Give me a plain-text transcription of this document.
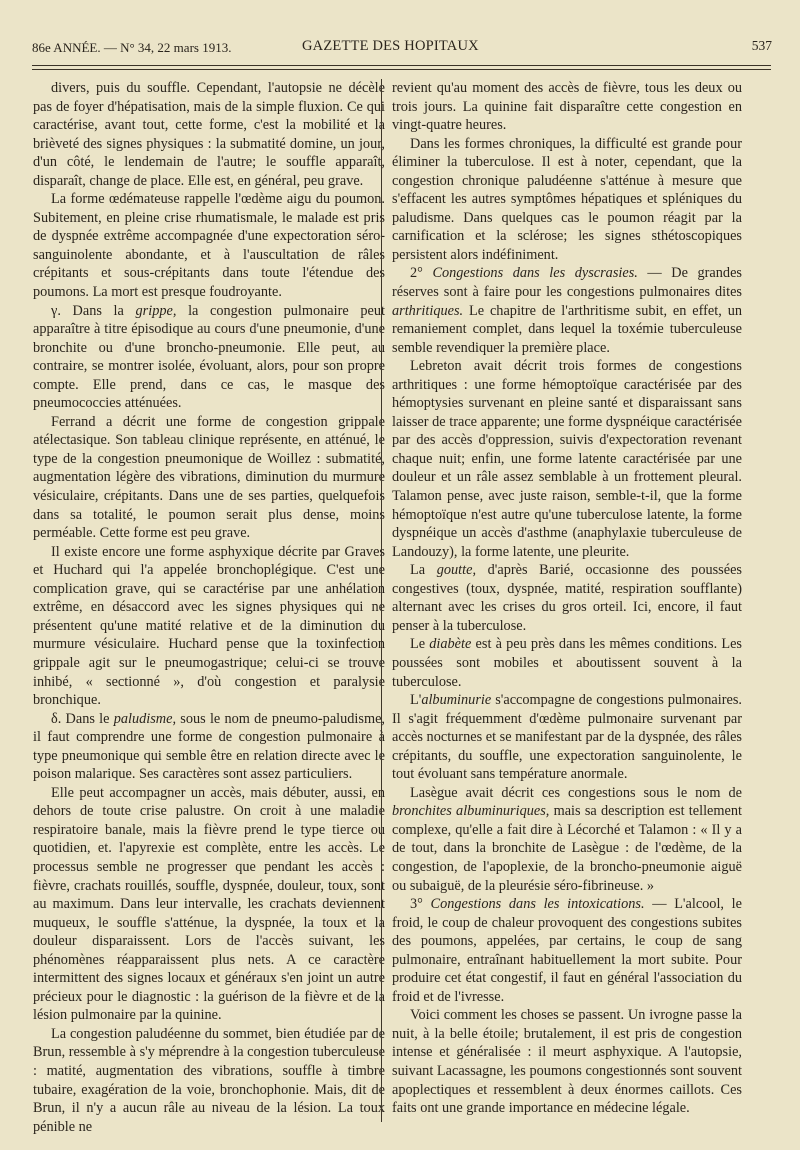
86e ANNÉE. — N° 34, 22 mars 1913.	GAZETTE DES HOPITAUX	537

divers, puis du souffle. Cependant, l'autopsie ne décèle pas de foyer d'hépatisation, mais de la simple fluxion. Ce qui caractérise, avant tout, cette forme, c'est la mobilité et la brièveté des signes physiques : la submatité domine, un jour, d'un côté, le lendemain de l'autre; le souffle apparaît, disparaît, change de place. Elle est, en général, peu grave.

La forme œdémateuse rappelle l'œdème aigu du poumon. Subitement, en pleine crise rhumatismale, le malade est pris de dyspnée extrême accompagnée d'une expectoration séro-sanguinolente abondante, et à l'auscultation de râles crépitants et sous-crépitants dans toute l'étendue des poumons. La mort est presque foudroyante.

γ. Dans la grippe, la congestion pulmonaire peut apparaître à titre épisodique au cours d'une pneumonie, d'une bronchite ou d'une broncho-pneumonie. Elle peut, au contraire, se montrer isolée, évoluant, alors, pour son propre compte. Elle prend, dans ce cas, le masque des pneumococcies atténuées.

Ferrand a décrit une forme de congestion grippale atélectasique. Son tableau clinique représente, en atténué, le type de la congestion pneumonique de Woillez : submatité, augmentation légère des vibrations, diminution du murmure vésiculaire, crépitants. Dans une de ses parties, quelquefois dans sa totalité, le poumon serait plus dense, moins perméable. Cette forme est peu grave.

Il existe encore une forme asphyxique décrite par Graves et Huchard qui l'a appelée bronchoplégique. C'est une complication grave, qui se caractérise par une anhélation extrême, en désaccord avec les signes physiques qui ne présentent qu'une matité relative et de la diminution du murmure vésiculaire. Huchard pense que la toxinfection grippale agit sur le pneumogastrique; celui-ci se trouve inhibé, « sectionné », d'où congestion et paralysie bronchique.

δ. Dans le paludisme, sous le nom de pneumo-paludisme, il faut comprendre une forme de congestion pulmonaire à type pneumonique qui semble être en relation directe avec le poison malarique. Ses caractères sont assez particuliers.

Elle peut accompagner un accès, mais débuter, aussi, en dehors de toute crise palustre. On croit à une maladie respiratoire banale, mais la fièvre prend le type tierce ou quotidien, et. l'apyrexie est complète, entre les accès. Le processus semble ne progresser que pendant les accès : fièvre, crachats rouillés, souffle, dyspnée, douleur, toux, sont au maximum. Dans leur intervalle, les crachats deviennent muqueux, le souffle s'atténue, la dyspnée, la toux et la douleur disparaissent. Lors de l'accès suivant, les phénomènes réapparaissent plus nets. A ce caractère intermittent des signes locaux et généraux s'en joint un autre précieux pour le diagnostic : la guérison de la fièvre et de la lésion pulmonaire par la quinine.

La congestion paludéenne du sommet, bien étudiée par de Brun, ressemble à s'y méprendre à la congestion tuberculeuse : matité, augmentation des vibrations, souffle à timbre tubaire, exagération de la voie, bronchophonie. Mais, dit de Brun, il n'y a aucun râle au niveau de la lésion. La toux pénible ne

revient qu'au moment des accès de fièvre, tous les deux ou trois jours. La quinine fait disparaître cette congestion en vingt-quatre heures.

Dans les formes chroniques, la difficulté est grande pour éliminer la tuberculose. Il est à noter, cependant, que la congestion chronique paludéenne s'atténue à mesure que s'effacent les autres symptômes hépatiques et spléniques du paludisme. Dans quelques cas le poumon réagit par la carnification et la sclérose; les signes sthétoscopiques persistent alors indéfiniment.

2° Congestions dans les dyscrasies. — De grandes réserves sont à faire pour les congestions pulmonaires dites arthritiques. Le chapitre de l'arthritisme subit, en effet, un remaniement complet, dans lequel la toxémie tuberculeuse semble revendiquer la première place.

Lebreton avait décrit trois formes de congestions arthritiques : une forme hémoptoïque caractérisée par des hémoptysies survenant en pleine santé et disparaissant sans laisser de trace apparente; une forme dyspnéique caractérisée par des accès d'oppression, suivis d'expectoration revenant chaque nuit; enfin, une forme latente caractérisée par une douleur et un râle assez semblable à un frottement pleural. Talamon pense, avec juste raison, semble-t-il, que la forme hémoptoïque n'est autre qu'une tuberculose latente, la forme dyspnéique un accès d'asthme (anaphylaxie tuberculeuse de Landouzy), la forme latente, une pleurite.

La goutte, d'après Barié, occasionne des poussées congestives (toux, dyspnée, matité, respiration soufflante) alternant avec les crises du gros orteil. Ici, encore, il faut penser à la tuberculose.

Le diabète est à peu près dans les mêmes conditions. Les poussées sont mobiles et aboutissent souvent à la tuberculose.

L'albuminurie s'accompagne de congestions pulmonaires. Il s'agit fréquemment d'œdème pulmonaire survenant par accès nocturnes et se manifestant par de la dyspnée, des râles crépitants, du souffle, une expectoration sanguinolente, le tout évoluant sans température anormale.

Lasègue avait décrit ces congestions sous le nom de bronchites albuminuriques, mais sa description est tellement complexe, qu'elle a fait dire à Lécorché et Talamon : « Il y a de tout, dans la bronchite de Lasègue : de l'œdème, de la congestion, de l'apoplexie, de la broncho-pneumonie aiguë ou subaiguë, de la pleurésie séro-fibrineuse. »

3° Congestions dans les intoxications. — L'alcool, le froid, le coup de chaleur provoquent des congestions subites des poumons, appelées, par certains, le coup de sang pulmonaire, entraînant habituellement la mort subite. Pour produire cet état congestif, il faut en général l'association du froid et de l'ivresse.

Voici comment les choses se passent. Un ivrogne passe la nuit, à la belle étoile; brutalement, il est pris de congestion intense et généralisée : il meurt asphyxique. A l'autopsie, suivant Lacassagne, les poumons congestionnés sont souvent apoplectiques et ressemblent à deux énormes caillots. Ces faits ont une grande importance en médecine légale.
